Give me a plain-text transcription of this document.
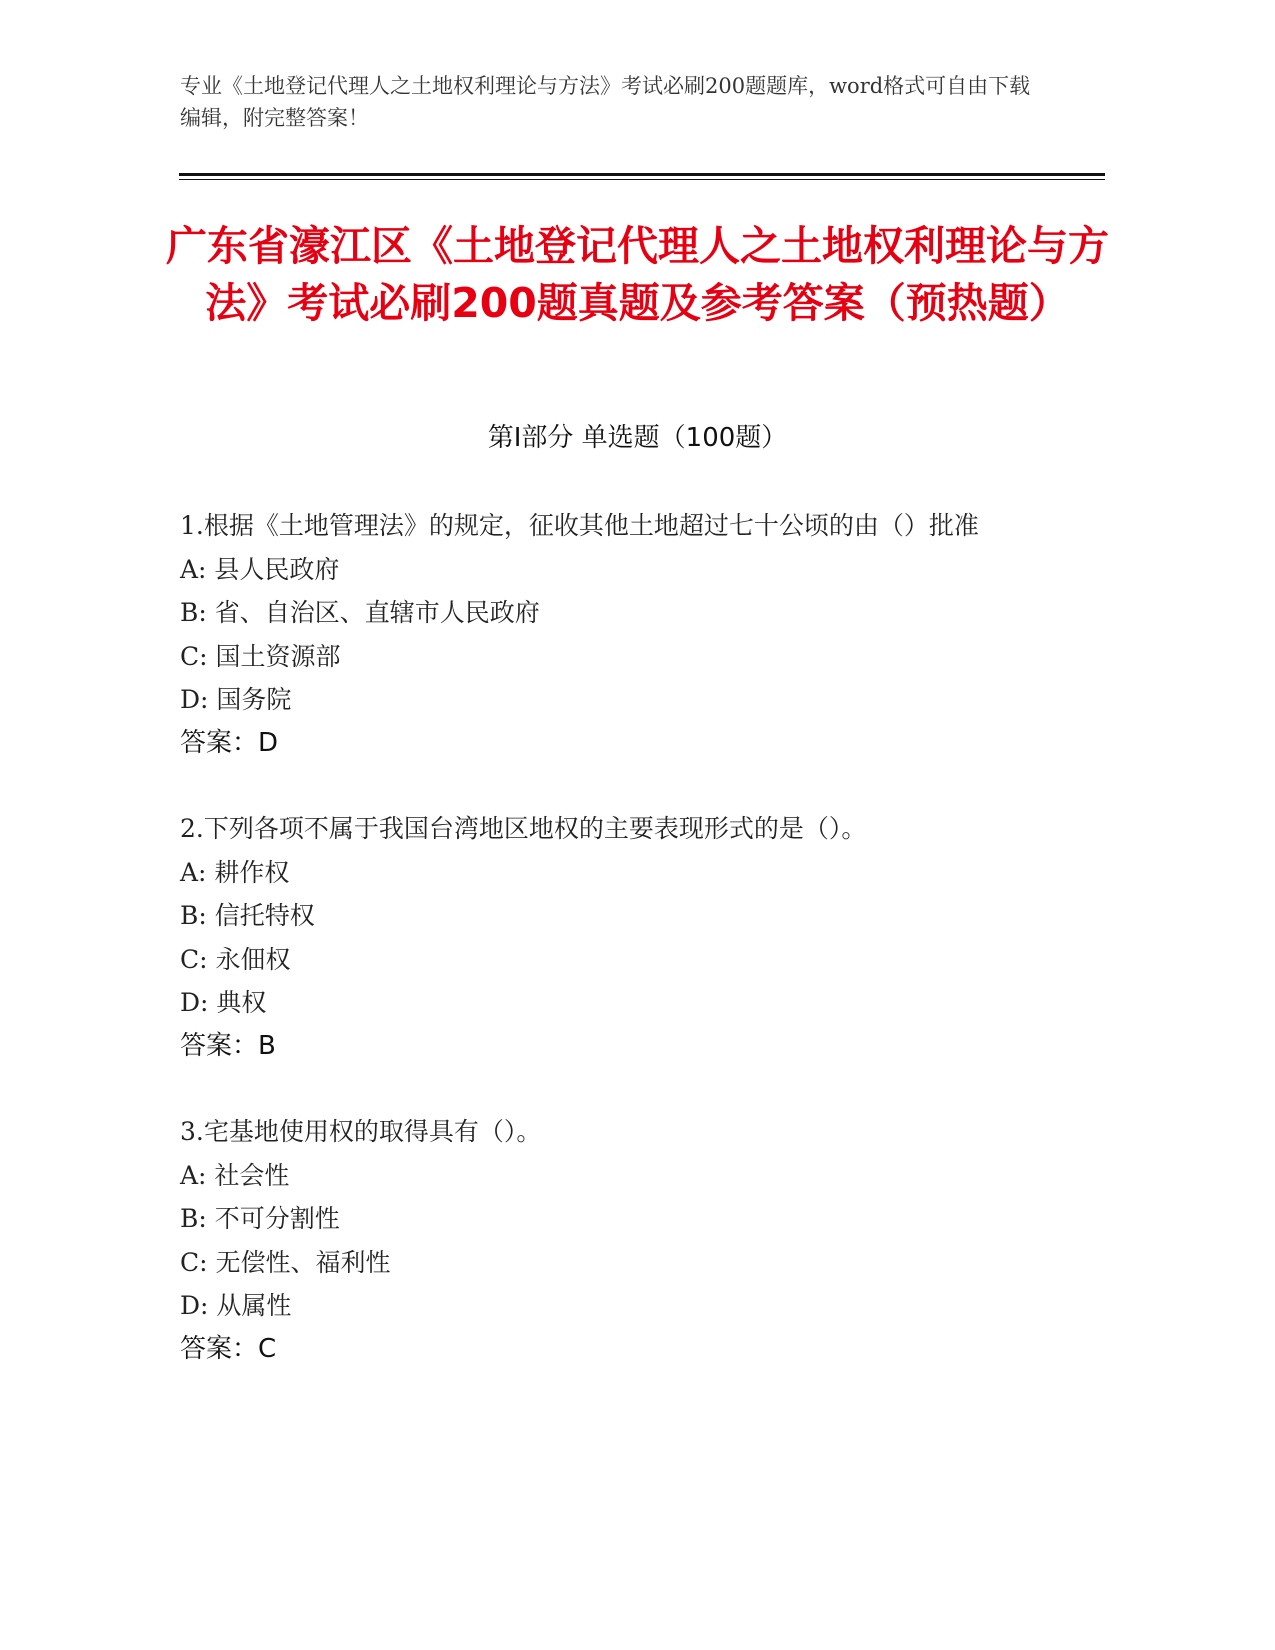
专业《土地登记代理人之土地权利理论与方法》考试必刷200题题库，word格式可自由下载编辑，附完整答案！
广东省濠江区《土地登记代理人之土地权利理论与方法》考试必刷200题真题及参考答案（预热题）
第Ⅰ部分 单选题（100题）
1.根据《土地管理法》的规定，征收其他土地超过七十公顷的由（）批准
A: 县人民政府
B: 省、自治区、直辖市人民政府
C: 国土资源部
D: 国务院
答案：D
2.下列各项不属于我国台湾地区地权的主要表现形式的是（）。
A: 耕作权
B: 信托特权
C: 永佃权
D: 典权
答案：B
3.宅基地使用权的取得具有（）。
A: 社会性
B: 不可分割性
C: 无偿性、福利性
D: 从属性
答案：C
